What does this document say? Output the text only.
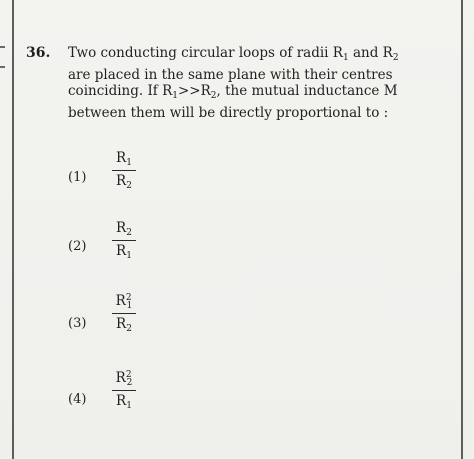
36. Two conducting circular loops of radii $R_1$ and $R_2$

are placed in the same plane with their centres

coinciding. If $R_1>>R_2$, the mutual inductance M

between them will be directly proportional to :

$(1) \frac{R_1}{R_2}$
$(2) \frac{R_2}{R_1}$
$(3) \frac{R^2_1}{R_2}$
$(4) \frac{R^2_2}{R_1}$
